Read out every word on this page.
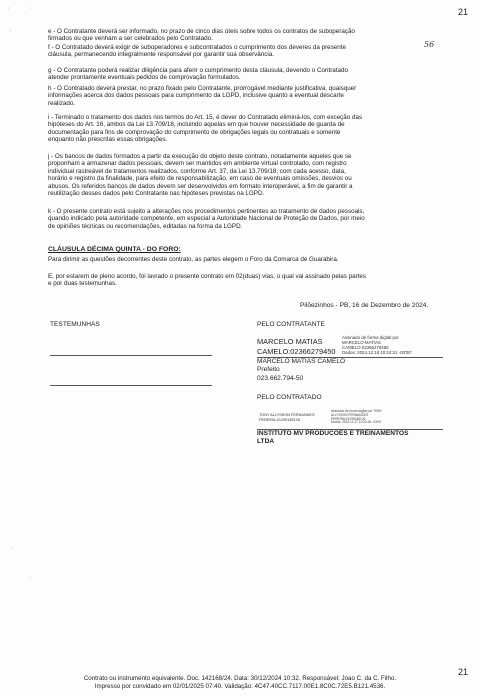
21
ʼ	ʼ
ʼ
ʼ
ʼ
56
e - O Contratante deverá ser informado, no prazo de cinco dias úteis sobre todos os contratos de suboperação
firmados ou que venham a ser celebrados pelo Contratado.
f - O Contratado deverá exigir de suboperadores e subcontratados o cumprimento dos deveres da presente
cláusula, permanecendo integralmente responsável por garantir sua observância.
g - O Contratante poderá realizar diligência para aferir o cumprimento desta cláusula, devendo o Contratado
atender prontamente eventuais pedidos de comprovação formulados.
h - O Contratado deverá prestar, no prazo fixado pelo Contratante, prorrogável mediante justificativa, quaisquer
informações acerca dos dados pessoais para cumprimento da LGPD, inclusive quanto a eventual descarte
realizado.
i - Terminado o tratamento dos dados nos termos do Art. 15, é dever do Contratado eliminá-los, com exceção das
hipóteses do Art. 16, ambos da Lei 13.709/18, incluindo aquelas em que houver necessidade de guarda de
documentação para fins de comprovação do cumprimento de obrigações legais ou contratuais e somente
enquanto não prescritas essas obrigações.
j - Os bancos de dados formados a partir da execução do objeto deste contrato, notadamente aqueles que se
proponham a armazenar dados pessoais, devem ser mantidos em ambiente virtual controlado, com registro
individual rastreável de tratamentos realizados, conforme Art. 37, da Lei 13.709/18, com cada acesso, data,
horário e registro da finalidade, para efeito de responsabilização, em caso de eventuais omissões, desvios ou
abusos. Os referidos bancos de dados devem ser desenvolvidos em formato interoperável, a fim de garantir a
reutilização desses dados pelo Contratante nas hipóteses previstas na LGPD.
k - O presente contrato está sujeito a alterações nos procedimentos pertinentes ao tratamento de dados pessoais,
quando indicado pela autoridade competente, em especial a Autoridade Nacional de Proteção de Dados, por meio
de opiniões técnicas ou recomendações, editadas na forma da LGPD.
CLÁUSULA DÉCIMA QUINTA - DO FORO:
Para dirimir as questões decorrentes deste contrato, as partes elegem o Foro da Comarca de Guarabira.
E, por estarem de pleno acordo, foi lavrado o presente contrato em 02(duas) vias, o qual vai assinado pelas partes
e por duas testemunhas.
Pilõezinhos - PB, 16 de Dezembro de 2024.
TESTEMUNHAS	PELO CONTRATANTE
MARCELO MATIAS
CAMELO:02366279450
Assinado de forma digital por
MARCELO MATIAS
CAMELO:02366279450
Dados: 2024.12.18 10:24:21 -03'00'
MARCELO MATIAS CAMELO
Prefeito
023.662.794-50
PELO CONTRATADO
TONY ALLYSSON FERNANDES
PEREIRA:01299185126
Assinado de forma digital por TONY
ALLYSSON FERNANDES
PEREIRA:01299185126
Dados: 2024.12.17 10:03:36 -03'00'
INSTITUTO MV PRODUCOES E TREINAMENTOS
LTDA
21
Contrato ou instrumento equivalente. Doc. 142168/24. Data: 30/12/2024 10:32. Responsável: Joao C. da C. Filho.
Impresso por convidado em 02/01/2025 07:40. Validação: 4C47.40CC.7117.00E1.8C0C.72E5.B121.4536.
